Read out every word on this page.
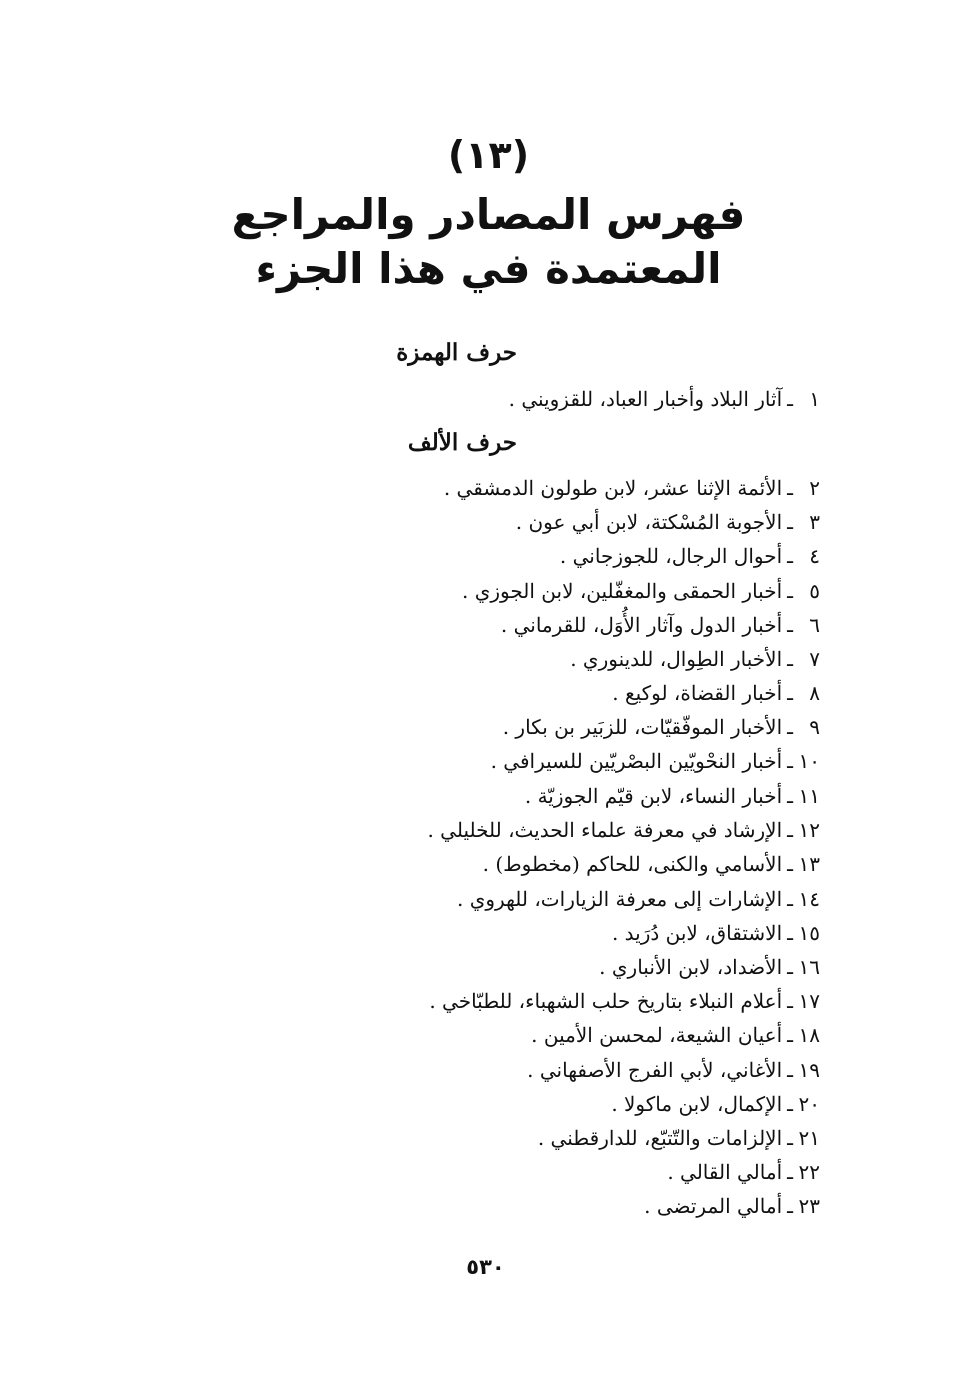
(١٣)
فهرس المصادر والمراجع
المعتمدة في هذا الجزء
حرف الهمزة
١ـآثار البلاد وأخبار العباد، للقزويني .
حرف الألف
٢ـالأئمة الإثنا عشر، لابن طولون الدمشقي .
٣ـالأجوبة المُسْكتة، لابن أبي عون .
٤ـأحوال الرجال، للجوزجاني .
٥ـأخبار الحمقى والمغفّلين، لابن الجوزي .
٦ـأخبار الدول وآثار الأُوَل، للقرماني .
٧ـالأخبار الطِوال، للدينوري .
٨ـأخبار القضاة، لوكيع .
٩ـالأخبار الموفّقيّات، للزبَير بن بكار .
١٠ـأخبار النحْويّين البصْريّين للسيرافي .
١١ـأخبار النساء، لابن قيّم الجوزيّة .
١٢ـالإرشاد في معرفة علماء الحديث، للخليلي .
١٣ـالأسامي والكنى، للحاكم (مخطوط) .
١٤ـالإشارات إلى معرفة الزيارات، للهروي .
١٥ـالاشتقاق، لابن دُرَيد .
١٦ـالأضداد، لابن الأنباري .
١٧ـأعلام النبلاء بتاريخ حلب الشهباء، للطبّاخي .
١٨ـأعيان الشيعة، لمحسن الأمين .
١٩ـالأغاني، لأبي الفرج الأصفهاني .
٢٠ـالإكمال، لابن ماكولا .
٢١ـالإلزامات والتّتبّع، للدارقطني .
٢٢ـأمالي القالي .
٢٣ـأمالي المرتضى .
٥٣٠
